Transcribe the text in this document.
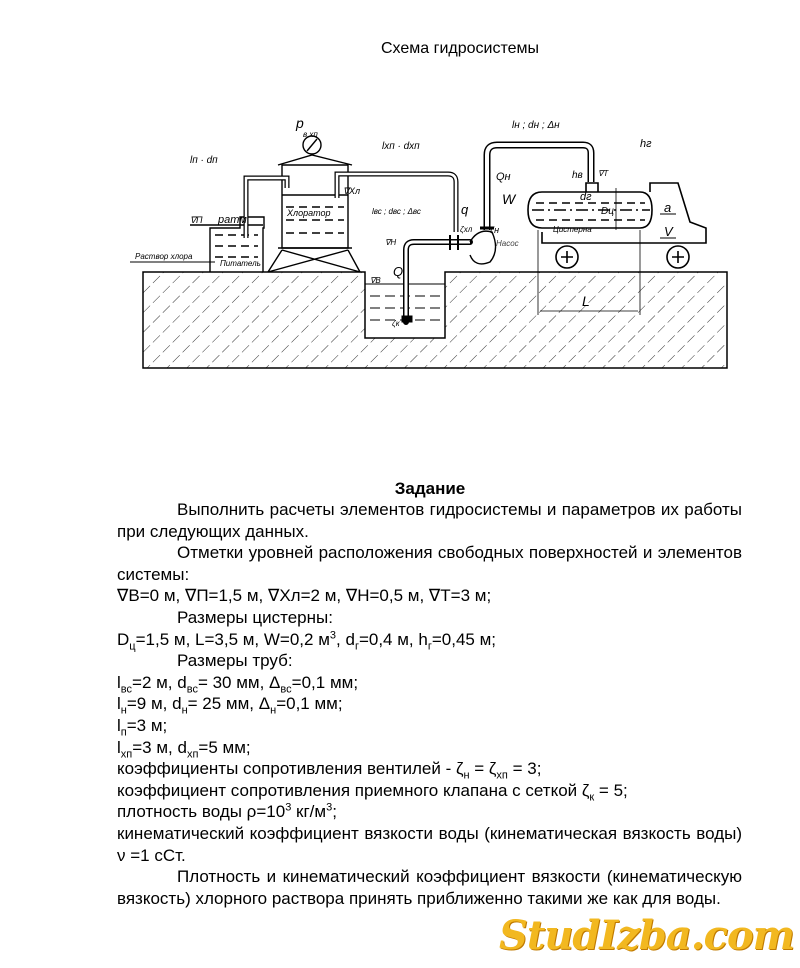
Схема гидросистемы
p
в.хп
lп · dп
lхп · dхп
∇Хл
Хлоратор
∇П pатм
Раствор хлора
Питатель
lвс ; dвс ; Δвс	q
ζхл
∇Н
Q
∇В
ζк
lн ; dн ; Δн
Qн
W
ζн
Насос
hг
hв ∇Т
dг
Dц
Цистерна
a
V
L
Задание

Выполнить расчеты элементов гидросистемы и параметров их работы при следующих данных.

Отметки уровней расположения свободных поверхностей и элементов системы:

∇В=0 м, ∇П=1,5 м, ∇Хл=2 м, ∇Н=0,5 м, ∇Т=3 м;

Размеры цистерны:

$D_ц=1,5$ м, L=3,5 м, W=0,2 $м^3$, $d_г=0,4$ м, $h_г=0,45$ м;

Размеры труб:

$l_{вс}=2$ м, $d_{вс}= 30$ мм, $\Delta_{вс}=0,1$ мм;

$l_н=9$ м, $d_н= 25$ мм, $\Delta_н=0,1$ мм;

$l_п=3$ м;

$l_{хп}=3$ м, $d_{хп}=5$ мм;

коэффициенты сопротивления вентилей - $\zeta_н = \zeta_{хп} = 3$;

коэффициент сопротивления приемного клапана с сеткой $\zeta_к = 5$;

плотность воды $\rho=10^3$ $кг/м^3$;

кинематический коэффициент вязкости воды (кинематическая вязкость воды) ν =1 сСт.

Плотность и кинематический коэффициент вязкости (кинематическую вязкость) хлорного раствора принять приближенно такими же как для воды.

StudIzba.com
